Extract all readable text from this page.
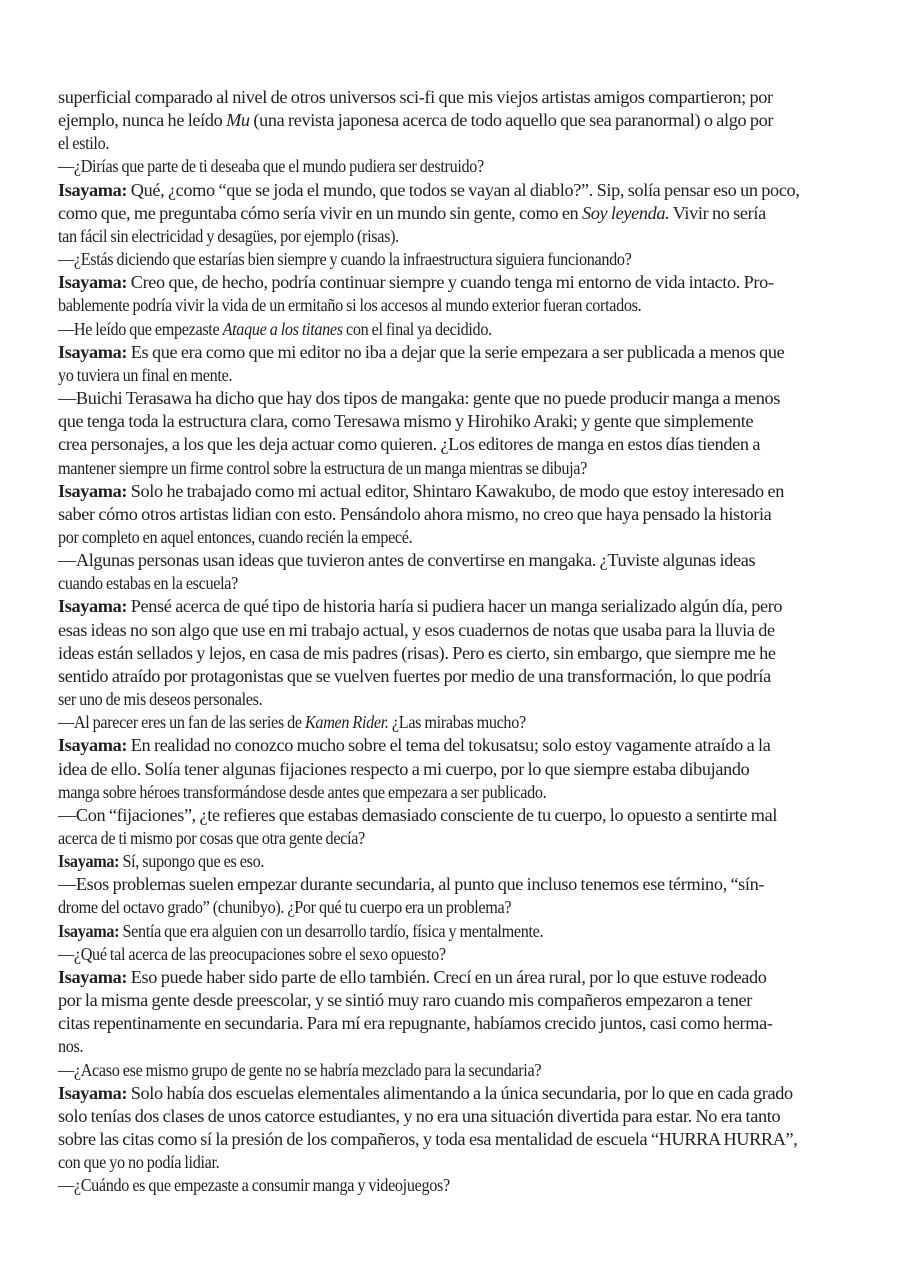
superficial comparado al nivel de otros universos sci-fi que mis viejos artistas amigos compartieron; por
ejemplo, nunca he leído Mu (una revista japonesa acerca de todo aquello que sea paranormal) o algo por
el estilo.
—¿Dirías que parte de ti deseaba que el mundo pudiera ser destruido?
Isayama: Qué, ¿como “que se joda el mundo, que todos se vayan al diablo?”. Sip, solía pensar eso un poco,
como que, me preguntaba cómo sería vivir en un mundo sin gente, como en Soy leyenda. Vivir no sería
tan fácil sin electricidad y desagües, por ejemplo (risas).
—¿Estás diciendo que estarías bien siempre y cuando la infraestructura siguiera funcionando?
Isayama: Creo que, de hecho, podría continuar siempre y cuando tenga mi entorno de vida intacto. Pro-
bablemente podría vivir la vida de un ermitaño si los accesos al mundo exterior fueran cortados.
—He leído que empezaste Ataque a los titanes con el final ya decidido.
Isayama: Es que era como que mi editor no iba a dejar que la serie empezara a ser publicada a menos que
yo tuviera un final en mente.
—Buichi Terasawa ha dicho que hay dos tipos de mangaka: gente que no puede producir manga a menos
que tenga toda la estructura clara, como Teresawa mismo y Hirohiko Araki; y gente que simplemente
crea personajes, a los que les deja actuar como quieren. ¿Los editores de manga en estos días tienden a
mantener siempre un firme control sobre la estructura de un manga mientras se dibuja?
Isayama: Solo he trabajado como mi actual editor, Shintaro Kawakubo, de modo que estoy interesado en
saber cómo otros artistas lidian con esto. Pensándolo ahora mismo, no creo que haya pensado la historia
por completo en aquel entonces, cuando recién la empecé.
—Algunas personas usan ideas que tuvieron antes de convertirse en mangaka. ¿Tuviste algunas ideas
cuando estabas en la escuela?
Isayama: Pensé acerca de qué tipo de historia haría si pudiera hacer un manga serializado algún día, pero
esas ideas no son algo que use en mi trabajo actual, y esos cuadernos de notas que usaba para la lluvia de
ideas están sellados y lejos, en casa de mis padres (risas). Pero es cierto, sin embargo, que siempre me he
sentido atraído por protagonistas que se vuelven fuertes por medio de una transformación, lo que podría
ser uno de mis deseos personales.
—Al parecer eres un fan de las series de Kamen Rider. ¿Las mirabas mucho?
Isayama: En realidad no conozco mucho sobre el tema del tokusatsu; solo estoy vagamente atraído a la
idea de ello. Solía tener algunas fijaciones respecto a mi cuerpo, por lo que siempre estaba dibujando
manga sobre héroes transformándose desde antes que empezara a ser publicado.
—Con “fijaciones”, ¿te refieres que estabas demasiado consciente de tu cuerpo, lo opuesto a sentirte mal
acerca de ti mismo por cosas que otra gente decía?
Isayama: Sí, supongo que es eso.
—Esos problemas suelen empezar durante secundaria, al punto que incluso tenemos ese término, “sín-
drome del octavo grado” (chunibyo). ¿Por qué tu cuerpo era un problema?
Isayama: Sentía que era alguien con un desarrollo tardío, física y mentalmente.
—¿Qué tal acerca de las preocupaciones sobre el sexo opuesto?
Isayama: Eso puede haber sido parte de ello también. Crecí en un área rural, por lo que estuve rodeado
por la misma gente desde preescolar, y se sintió muy raro cuando mis compañeros empezaron a tener
citas repentinamente en secundaria. Para mí era repugnante, habíamos crecido juntos, casi como herma-
nos.
—¿Acaso ese mismo grupo de gente no se habría mezclado para la secundaria?
Isayama: Solo había dos escuelas elementales alimentando a la única secundaria, por lo que en cada grado
solo tenías dos clases de unos catorce estudiantes, y no era una situación divertida para estar. No era tanto
sobre las citas como sí la presión de los compañeros, y toda esa mentalidad de escuela “HURRA HURRA”,
con que yo no podía lidiar.
—¿Cuándo es que empezaste a consumir manga y videojuegos?
